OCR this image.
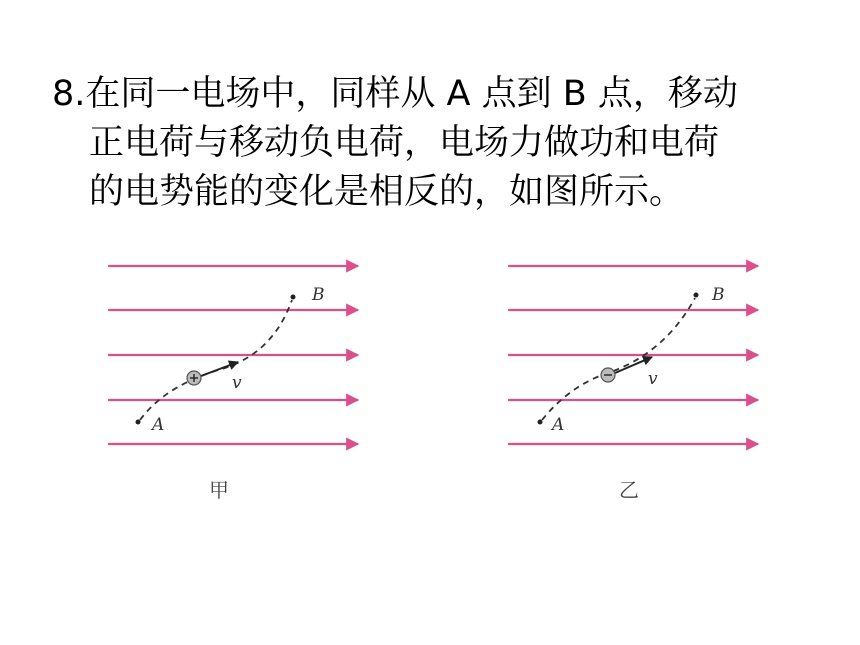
8.在同一电场中，同样从 A 点到 B 点，移动
正电荷与移动负电荷，电场力做功和电荷
的电势能的变化是相反的，如图所示。
A
B
v
甲
A
B
v
乙
